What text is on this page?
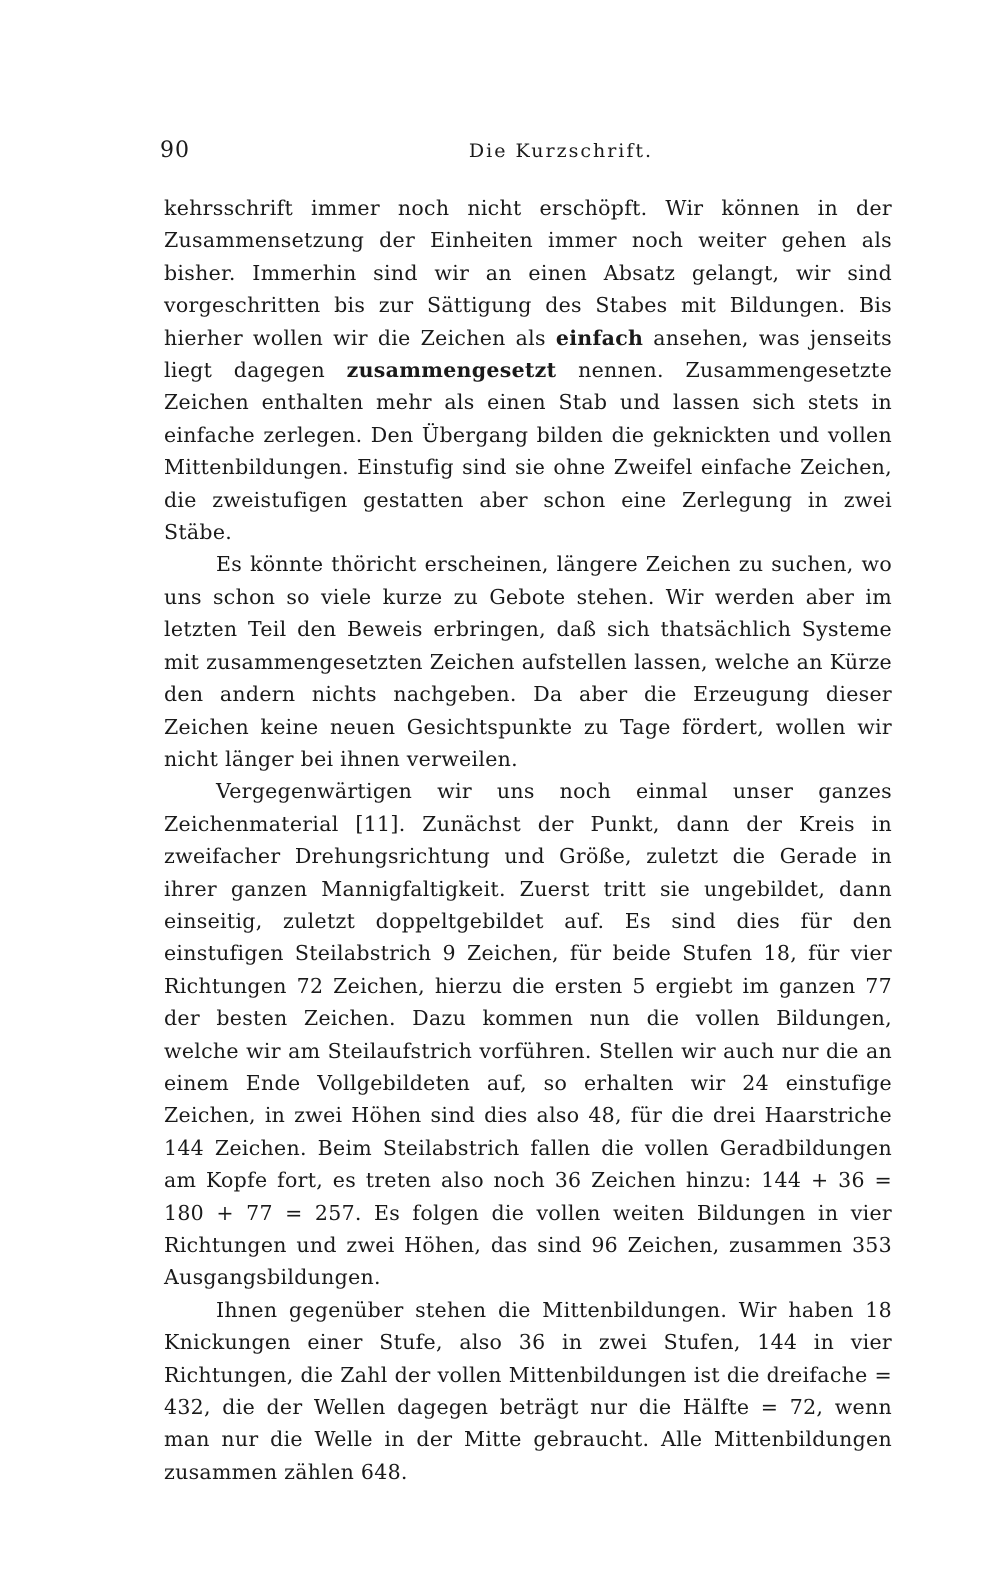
90	Die Kurzschrift.

kehrsschrift immer noch nicht erschöpft. Wir können in der Zusammensetzung der Einheiten immer noch weiter gehen als bisher. Immerhin sind wir an einen Absatz gelangt, wir sind vorgeschritten bis zur Sättigung des Stabes mit Bildungen. Bis hierher wollen wir die Zeichen als einfach ansehen, was jenseits liegt dagegen zusammengesetzt nennen. Zusammengesetzte Zeichen enthalten mehr als einen Stab und lassen sich stets in einfache zerlegen. Den Übergang bilden die geknickten und vollen Mittenbildungen. Einstufig sind sie ohne Zweifel einfache Zeichen, die zweistufigen gestatten aber schon eine Zerlegung in zwei Stäbe.

Es könnte thöricht erscheinen, längere Zeichen zu suchen, wo uns schon so viele kurze zu Gebote stehen. Wir werden aber im letzten Teil den Beweis erbringen, daß sich thatsächlich Systeme mit zusammengesetzten Zeichen aufstellen lassen, welche an Kürze den andern nichts nachgeben. Da aber die Erzeugung dieser Zeichen keine neuen Gesichtspunkte zu Tage fördert, wollen wir nicht länger bei ihnen verweilen.

Vergegenwärtigen wir uns noch einmal unser ganzes Zeichenmaterial [11]. Zunächst der Punkt, dann der Kreis in zweifacher Drehungsrichtung und Größe, zuletzt die Gerade in ihrer ganzen Mannigfaltigkeit. Zuerst tritt sie ungebildet, dann einseitig, zuletzt doppeltgebildet auf. Es sind dies für den einstufigen Steilabstrich 9 Zeichen, für beide Stufen 18, für vier Richtungen 72 Zeichen, hierzu die ersten 5 ergiebt im ganzen 77 der besten Zeichen. Dazu kommen nun die vollen Bildungen, welche wir am Steilaufstrich vorführen. Stellen wir auch nur die an einem Ende Vollgebildeten auf, so erhalten wir 24 einstufige Zeichen, in zwei Höhen sind dies also 48, für die drei Haarstriche 144 Zeichen. Beim Steilabstrich fallen die vollen Geradbildungen am Kopfe fort, es treten also noch 36 Zeichen hinzu: 144 + 36 = 180 + 77 = 257. Es folgen die vollen weiten Bildungen in vier Richtungen und zwei Höhen, das sind 96 Zeichen, zusammen 353 Ausgangsbildungen.

Ihnen gegenüber stehen die Mittenbildungen. Wir haben 18 Knickungen einer Stufe, also 36 in zwei Stufen, 144 in vier Richtungen, die Zahl der vollen Mittenbildungen ist die dreifache = 432, die der Wellen dagegen beträgt nur die Hälfte = 72, wenn man nur die Welle in der Mitte gebraucht. Alle Mittenbildungen zusammen zählen 648.
